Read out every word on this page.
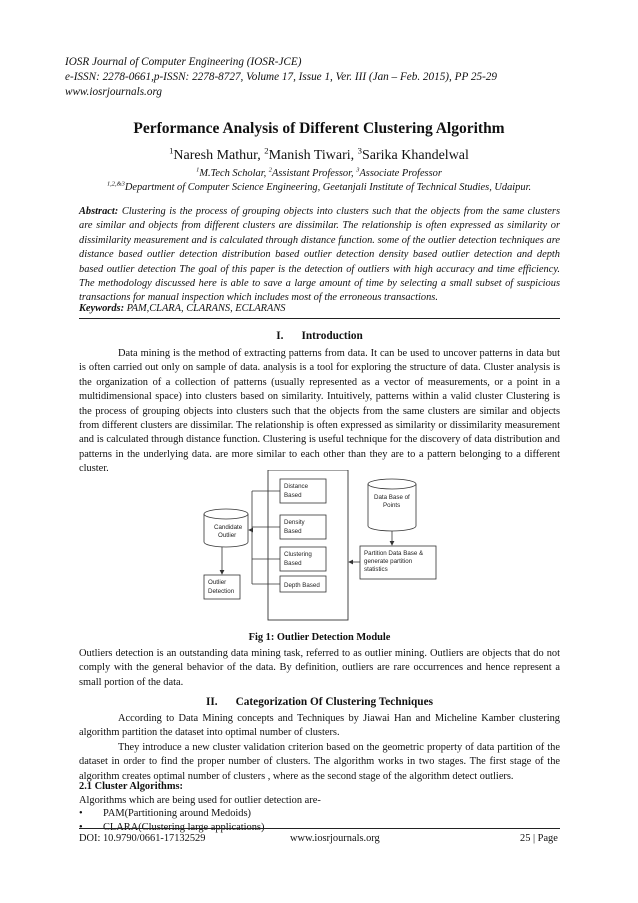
IOSR Journal of Computer Engineering (IOSR-JCE)
e-ISSN: 2278-0661,p-ISSN: 2278-8727, Volume 17, Issue 1, Ver. III (Jan – Feb. 2015), PP 25-29
www.iosrjournals.org
Performance Analysis of Different Clustering Algorithm
$^1$Naresh Mathur, $^2$Manish Tiwari, $^3$Sarika Khandelwal
$^1$M.Tech Scholar, $^2$Assistant Professor, $^3$Associate Professor
$^{1,2,\&3}$Department of Computer Science Engineering, Geetanjali Institute of Technical Studies, Udaipur.
Abstract: Clustering is the process of grouping objects into clusters such that the objects from the same clusters are similar and objects from different clusters are dissimilar. The relationship is often expressed as similarity or dissimilarity measurement and is calculated through distance function. some of the outlier detection techniques are distance based outlier detection distribution based outlier detection density based outlier detection and depth based outlier detection The goal of this paper is the detection of outliers with high accuracy and time efficiency. The methodology discussed here is able to save a large amount of time by selecting a small subset of suspicious transactions for manual inspection which includes most of the erroneous transactions.
Keywords: PAM,CLARA, CLARANS, ECLARANS
I. Introduction
Data mining is the method of extracting patterns from data. It can be used to uncover patterns in data but is often carried out only on sample of data. analysis is a tool for exploring the structure of data. Cluster analysis is the organization of a collection of patterns (usually represented as a vector of measurements, or a point in a multidimensional space) into clusters based on similarity. Intuitively, patterns within a valid cluster Clustering is the process of grouping objects into clusters such that the objects from the same clusters are similar and objects from different clusters are dissimilar. The relationship is often expressed as similarity or dissimilarity measurement and is calculated through distance function. Clustering is useful technique for the discovery of data distribution and patterns in the underlying data. are more similar to each other than they are to a pattern belonging to a different cluster.
Distance
Based
Density
Based
Clustering
Based
Depth Based
Candidate
Outlier
Outlier
Detection
Data Base of
Points
Partition Data Base &
generate partition
statistics
Fig 1: Outlier Detection Module
Outliers detection is an outstanding data mining task, referred to as outlier mining. Outliers are objects that do not comply with the general behavior of the data. By definition, outliers are rare occurrences and hence represent a small portion of the data.
II. Categorization Of Clustering Techniques
According to Data Mining concepts and Techniques by Jiawai Han and Micheline Kamber clustering algorithm partition the dataset into optimal number of clusters.
They introduce a new cluster validation criterion based on the geometric property of data partition of the dataset in order to find the proper number of clusters. The algorithm works in two stages. The first stage of the algorithm creates optimal number of clusters , where as the second stage of the algorithm detect outliers.
2.1 Cluster Algorithms:
Algorithms which are being used for outlier detection are-
• PAM(Partitioning around Medoids)
• CLARA(Clustering large applications)
DOI: 10.9790/0661-17132529	www.iosrjournals.org	25 | Page
